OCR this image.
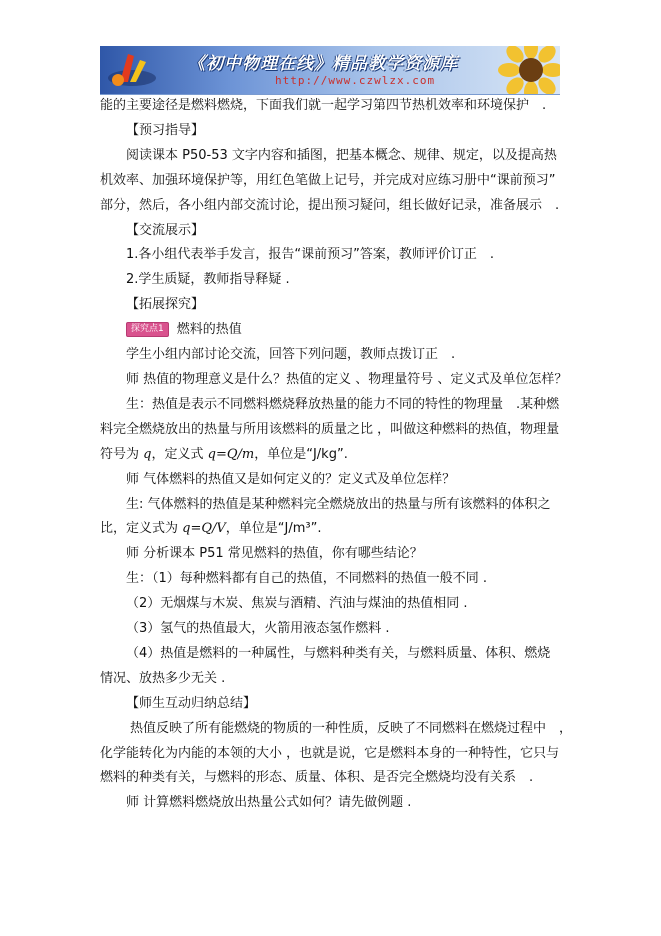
《初中物理在线》精品教学资源库
http://www.czwlzx.com

能的主要途径是燃料燃烧，下面我们就一起学习第四节热机效率和环境保护　.

【预习指导】

阅读课本 P50-53 文字内容和插图，把基本概念、规律、规定，以及提高热

机效率、加强环境保护等，用红色笔做上记号，并完成对应练习册中“课前预习”

部分，然后，各小组内部交流讨论，提出预习疑问，组长做好记录，准备展示　.

【交流展示】

1.各小组代表举手发言，报告“课前预习”答案，教师评价订正　.

2.学生质疑，教师指导释疑 .

【拓展探究】

探究点1 燃料的热值

学生小组内部讨论交流，回答下列问题，教师点拨订正　.

师 热值的物理意义是什么？热值的定义 、物理量符号 、定义式及单位怎样？

生：热值是表示不同燃料燃烧释放热量的能力不同的特性的物理量　.某种燃

料完全燃烧放出的热量与所用该燃料的质量之比 ，叫做这种燃料的热值，物理量

符号为 q，定义式 q=Q/m，单位是“J/kg”.

师 气体燃料的热值又是如何定义的？定义式及单位怎样？

生: 气体燃料的热值是某种燃料完全燃烧放出的热量与所有该燃料的体积之

比，定义式为 q=Q/V，单位是“J/m³”.

师 分析课本 P51 常见燃料的热值，你有哪些结论？

生：（1）每种燃料都有自己的热值，不同燃料的热值一般不同 .

（2）无烟煤与木炭、焦炭与酒精、汽油与煤油的热值相同 .

（3）氢气的热值最大，火箭用液态氢作燃料 .

（4）热值是燃料的一种属性，与燃料种类有关，与燃料质量、体积、燃烧

情况、放热多少无关 .

【师生互动归纳总结】

热值反映了所有能燃烧的物质的一种性质，反映了不同燃料在燃烧过程中　，

化学能转化为内能的本领的大小 ，也就是说，它是燃料本身的一种特性，它只与

燃料的种类有关，与燃料的形态、质量、体积、是否完全燃烧均没有关系　.

师 计算燃料燃烧放出热量公式如何？请先做例题 .
